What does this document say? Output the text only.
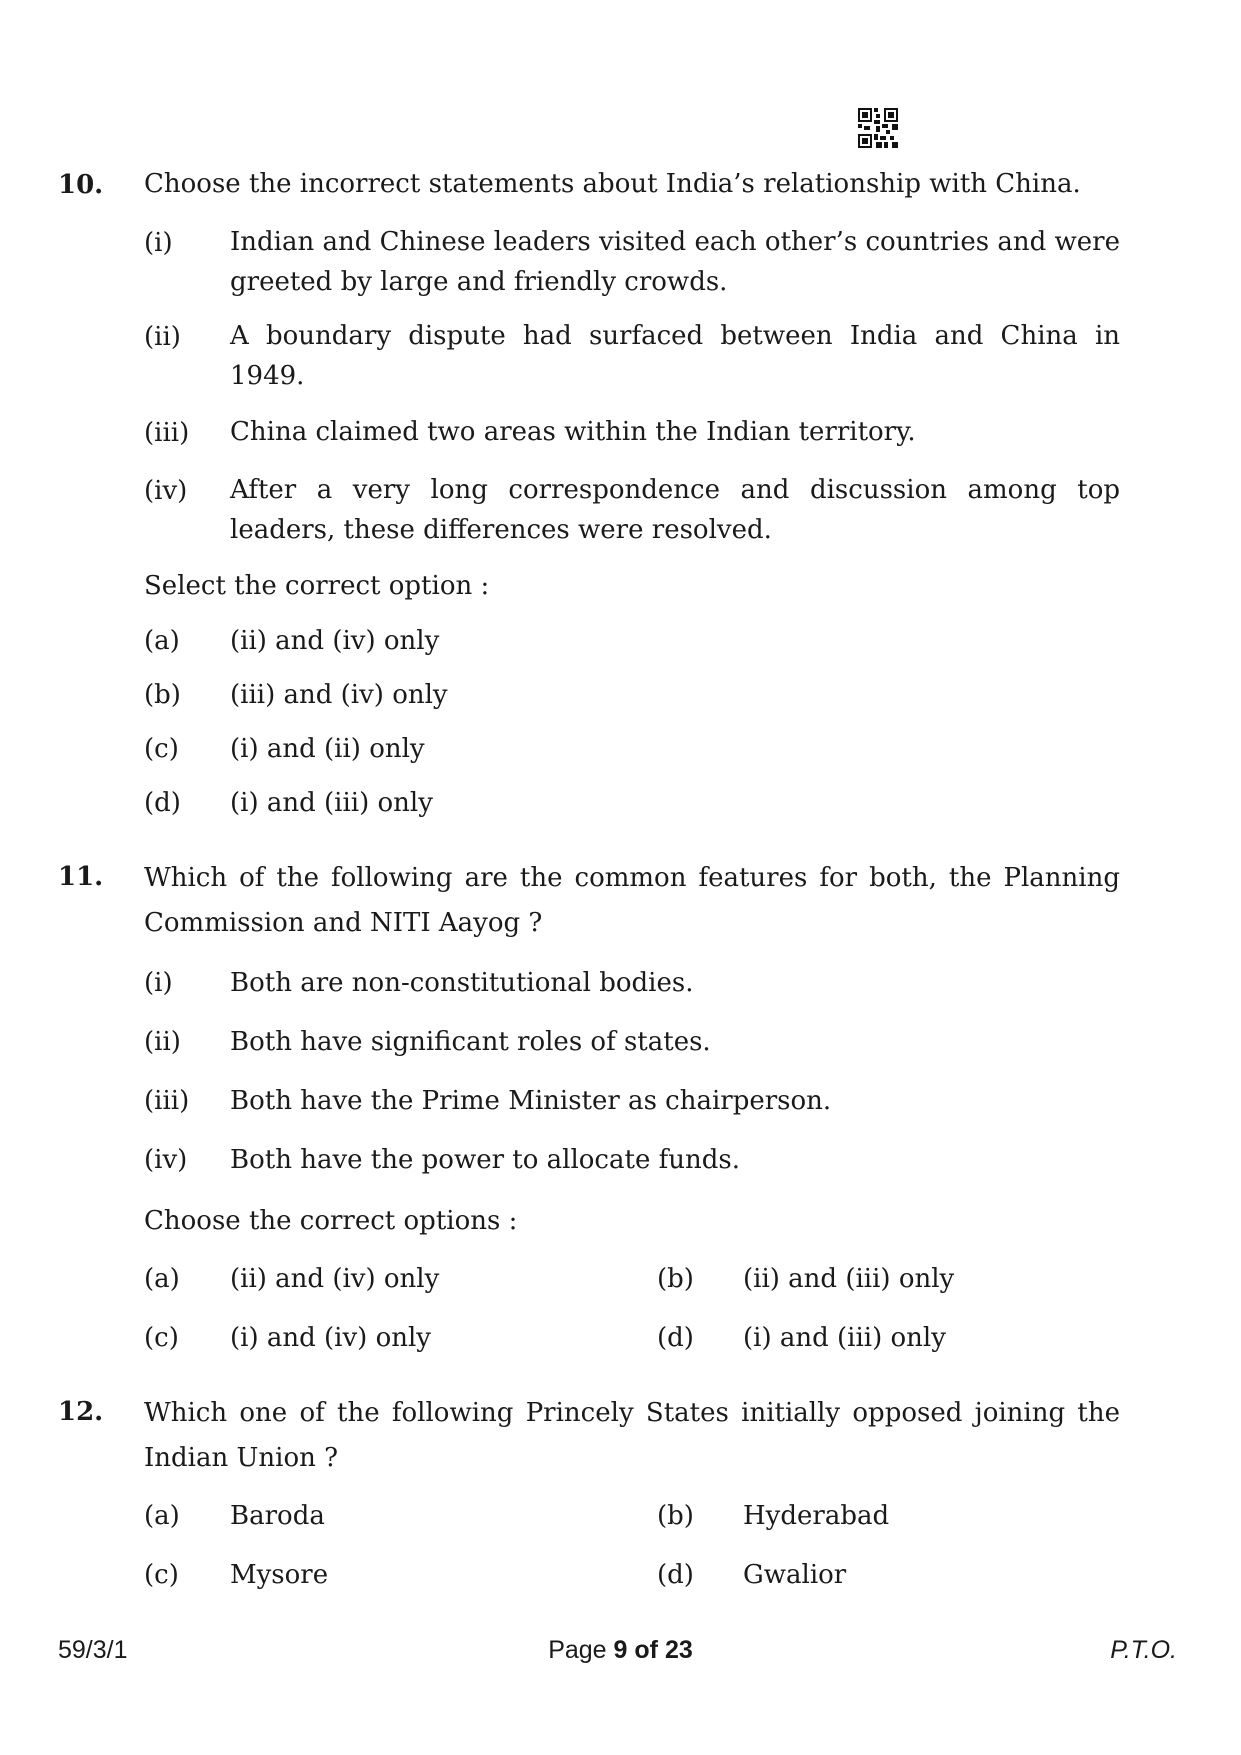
10. Choose the incorrect statements about India’s relationship with China.
(i) Indian and Chinese leaders visited each other’s countries and were greeted by large and friendly crowds.
(ii) A boundary dispute had surfaced between India and China in 1949.
(iii) China claimed two areas within the Indian territory.
(iv) After a very long correspondence and discussion among top leaders, these differences were resolved.
Select the correct option :
(a) (ii) and (iv) only
(b) (iii) and (iv) only
(c) (i) and (ii) only
(d) (i) and (iii) only
11. Which of the following are the common features for both, the Planning Commission and NITI Aayog ?
(i) Both are non-constitutional bodies.
(ii) Both have significant roles of states.
(iii) Both have the Prime Minister as chairperson.
(iv) Both have the power to allocate funds.
Choose the correct options :
(a) (ii) and (iv) only	(b) (ii) and (iii) only
(c) (i) and (iv) only	(d) (i) and (iii) only
12. Which one of the following Princely States initially opposed joining the Indian Union ?
(a) Baroda	(b) Hyderabad
(c) Mysore	(d) Gwalior
59/3/1	Page 9 of 23	P.T.O.
